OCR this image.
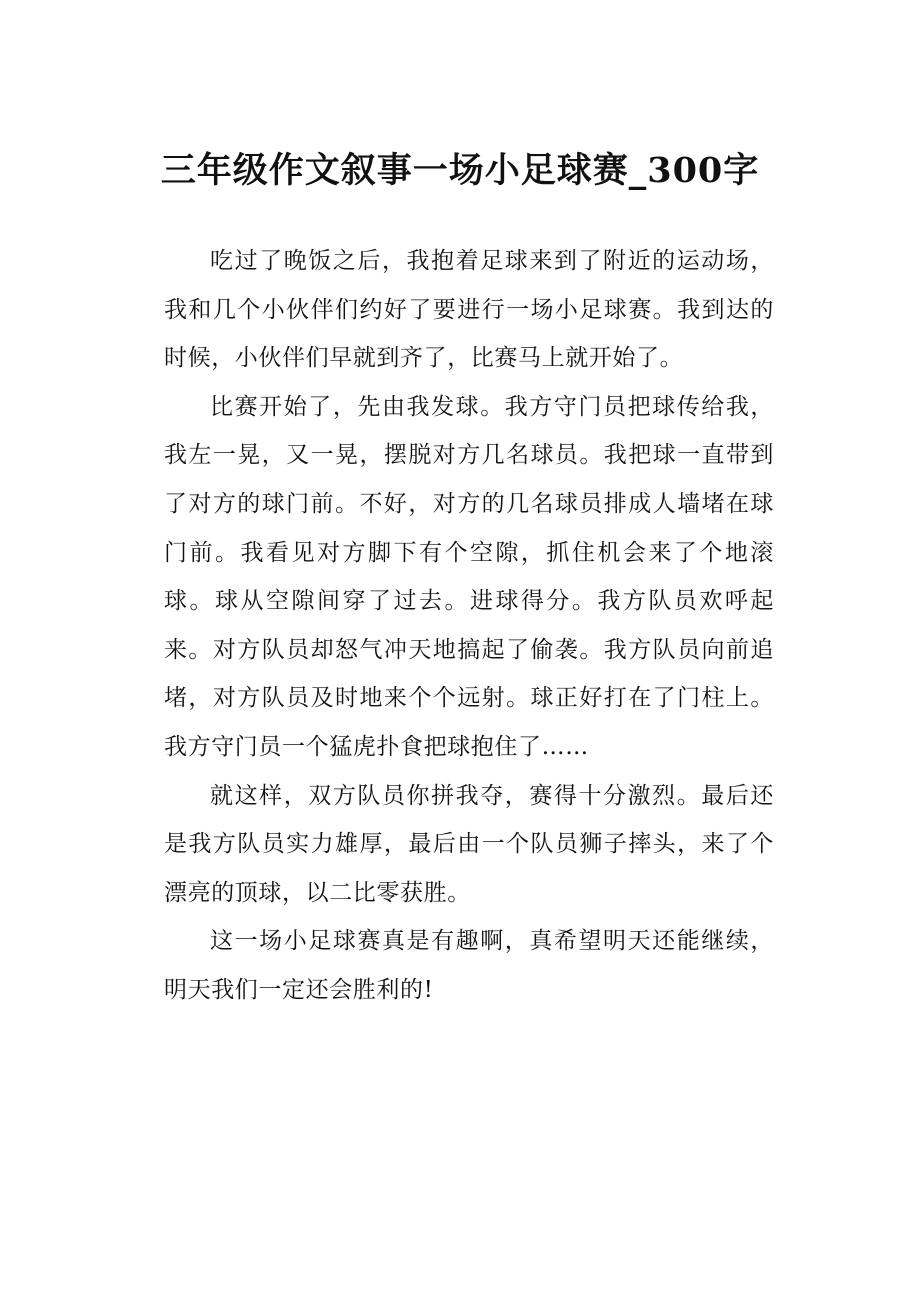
三年级作文叙事一场小足球赛_300字

吃过了晚饭之后，我抱着足球来到了附近的运动场，我和几个小伙伴们约好了要进行一场小足球赛。我到达的时候，小伙伴们早就到齐了，比赛马上就开始了。

比赛开始了，先由我发球。我方守门员把球传给我，我左一晃，又一晃，摆脱对方几名球员。我把球一直带到了对方的球门前。不好，对方的几名球员排成人墙堵在球门前。我看见对方脚下有个空隙，抓住机会来了个地滚球。球从空隙间穿了过去。进球得分。我方队员欢呼起来。对方队员却怒气冲天地搞起了偷袭。我方队员向前追堵，对方队员及时地来个个远射。球正好打在了门柱上。我方守门员一个猛虎扑食把球抱住了……

就这样，双方队员你拼我夺，赛得十分激烈。最后还是我方队员实力雄厚，最后由一个队员狮子摔头，来了个漂亮的顶球，以二比零获胜。

这一场小足球赛真是有趣啊，真希望明天还能继续，明天我们一定还会胜利的!
